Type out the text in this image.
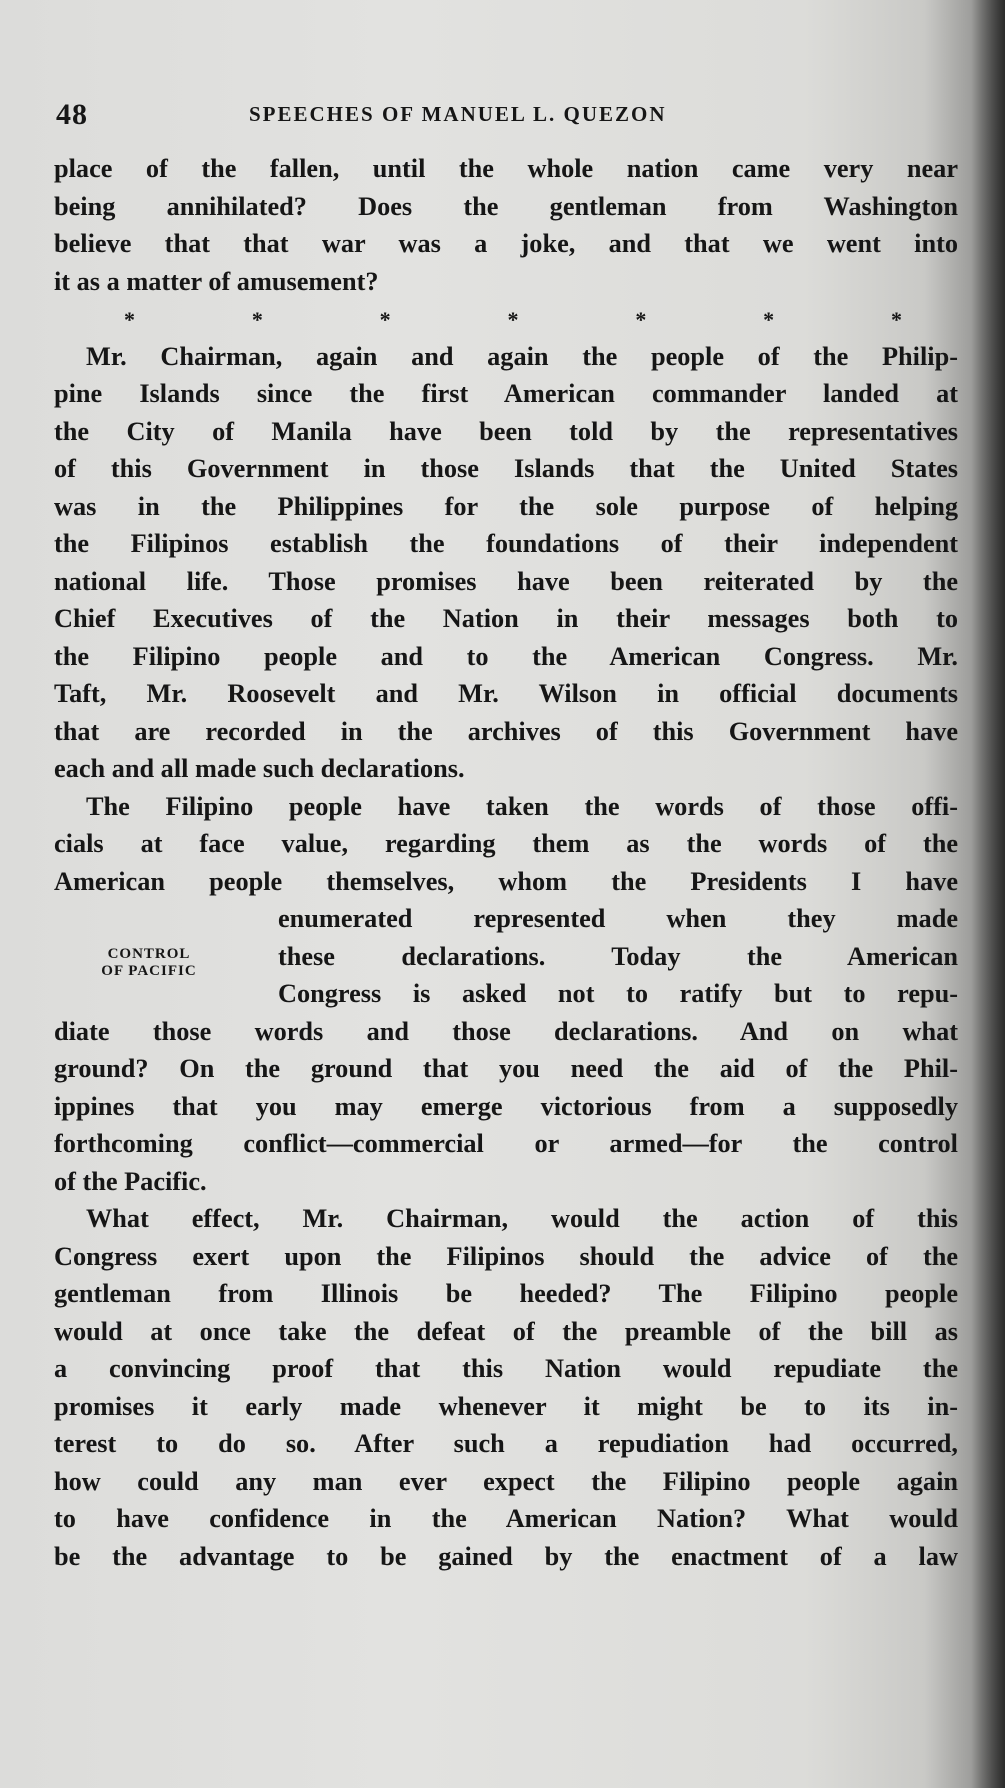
48	SPEECHES OF MANUEL L. QUEZON
place of the fallen, until the whole nation came very near
being annihilated? Does the gentleman from Washington
believe that that war was a joke, and that we went into
it as a matter of amusement?
*	*	*	*	*	*	*
Mr. Chairman, again and again the people of the Philip-
pine Islands since the first American commander landed at
the City of Manila have been told by the representatives
of this Government in those Islands that the United States
was in the Philippines for the sole purpose of helping
the Filipinos establish the foundations of their independent
national life. Those promises have been reiterated by the
Chief Executives of the Nation in their messages both to
the Filipino people and to the American Congress. Mr.
Taft, Mr. Roosevelt and Mr. Wilson in official documents
that are recorded in the archives of this Government have
each and all made such declarations.
The Filipino people have taken the words of those offi-
cials at face value, regarding them as the words of the
American people themselves, whom the Presidents I have
CONTROL
OF PACIFIC
enumerated represented when they made
these declarations. Today the American
Congress is asked not to ratify but to repu-
diate those words and those declarations. And on what
ground? On the ground that you need the aid of the Phil-
ippines that you may emerge victorious from a supposedly
forthcoming conflict—commercial or armed—for the control
of the Pacific.
What effect, Mr. Chairman, would the action of this
Congress exert upon the Filipinos should the advice of the
gentleman from Illinois be heeded? The Filipino people
would at once take the defeat of the preamble of the bill as
a convincing proof that this Nation would repudiate the
promises it early made whenever it might be to its in-
terest to do so. After such a repudiation had occurred,
how could any man ever expect the Filipino people again
to have confidence in the American Nation? What would
be the advantage to be gained by the enactment of a law
